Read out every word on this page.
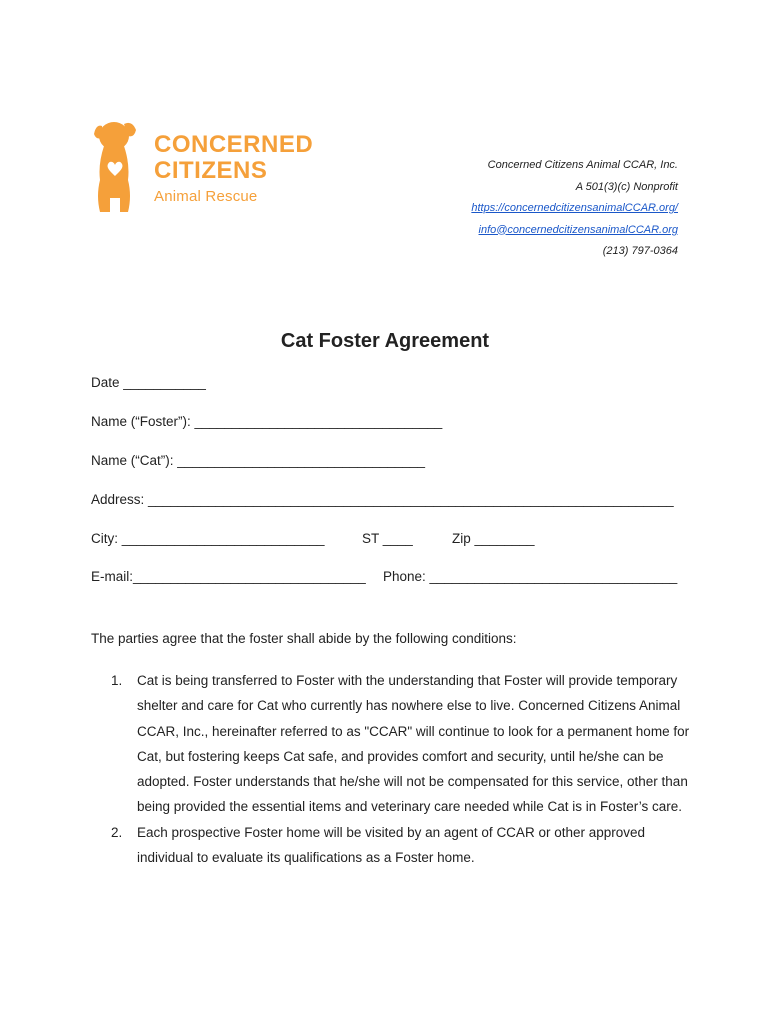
CONCERNED
CITIZENS
Animal Rescue
Concerned Citizens Animal CCAR, Inc.
A 501(3)(c) Nonprofit
https://concernedcitizensanimalCCAR.org/
info@concernedcitizensanimalCCAR.org
(213) 797-0364
Cat Foster Agreement
Date ___________
Name (“Foster”): _________________________________
Name (“Cat”): _________________________________
Address: ______________________________________________________________________
City: ___________________________	ST ____	Zip ________
E-mail:_______________________________ Phone: _________________________________
The parties agree that the foster shall abide by the following conditions:
1. Cat is being transferred to Foster with the understanding that Foster will provide temporary shelter and care for Cat who currently has nowhere else to live. Concerned Citizens Animal CCAR, Inc., hereinafter referred to as "CCAR" will continue to look for a permanent home for Cat, but fostering keeps Cat safe, and provides comfort and security, until he/she can be adopted. Foster understands that he/she will not be compensated for this service, other than being provided the essential items and veterinary care needed while Cat is in Foster’s care.
2. Each prospective Foster home will be visited by an agent of CCAR or other approved individual to evaluate its qualifications as a Foster home.
